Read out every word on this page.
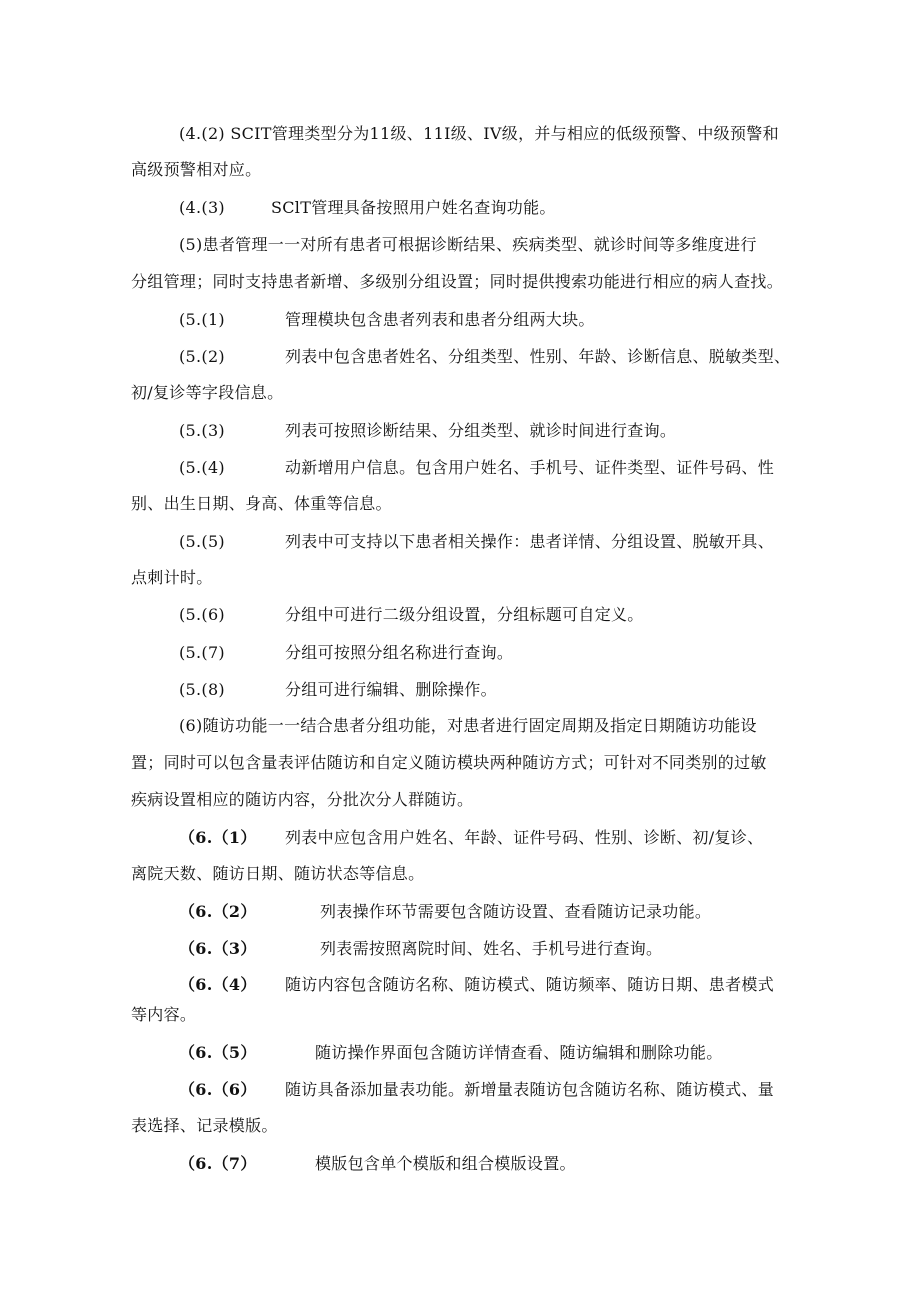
(4.(2) SCIT管理类型分为11级、11I级、IV级，并与相应的低级预警、中级预警和
高级预警相对应。
(4.(3)	SClT管理具备按照用户姓名查询功能。
(5)患者管理一一对所有患者可根据诊断结果、疾病类型、就诊时间等多维度进行
分组管理；同时支持患者新增、多级别分组设置；同时提供搜索功能进行相应的病人查找。
(5.(1)	管理模块包含患者列表和患者分组两大块。
(5.(2)	列表中包含患者姓名、分组类型、性别、年龄、诊断信息、脱敏类型、
初/复诊等字段信息。
(5.(3)	列表可按照诊断结果、分组类型、就诊时间进行查询。
(5.(4)	动新增用户信息。包含用户姓名、手机号、证件类型、证件号码、性
别、出生日期、身高、体重等信息。
(5.(5)	列表中可支持以下患者相关操作：患者详情、分组设置、脱敏开具、
点刺计时。
(5.(6)	分组中可进行二级分组设置，分组标题可自定义。
(5.(7)	分组可按照分组名称进行查询。
(5.(8)	分组可进行编辑、删除操作。
(6)随访功能一一结合患者分组功能，对患者进行固定周期及指定日期随访功能设
置；同时可以包含量表评估随访和自定义随访模块两种随访方式；可针对不同类别的过敏
疾病设置相应的随访内容，分批次分人群随访。
（6.（1） 列表中应包含用户姓名、年龄、证件号码、性别、诊断、初/复诊、
离院天数、随访日期、随访状态等信息。
（6.（2）	列表操作环节需要包含随访设置、查看随访记录功能。
（6.（3）	列表需按照离院时间、姓名、手机号进行查询。
（6.（4） 随访内容包含随访名称、随访模式、随访频率、随访日期、患者模式
等内容。
（6.（5）	随访操作界面包含随访详情查看、随访编辑和删除功能。
（6.（6） 随访具备添加量表功能。新增量表随访包含随访名称、随访模式、量
表选择、记录模版。
（6.（7）	模版包含单个模版和组合模版设置。
